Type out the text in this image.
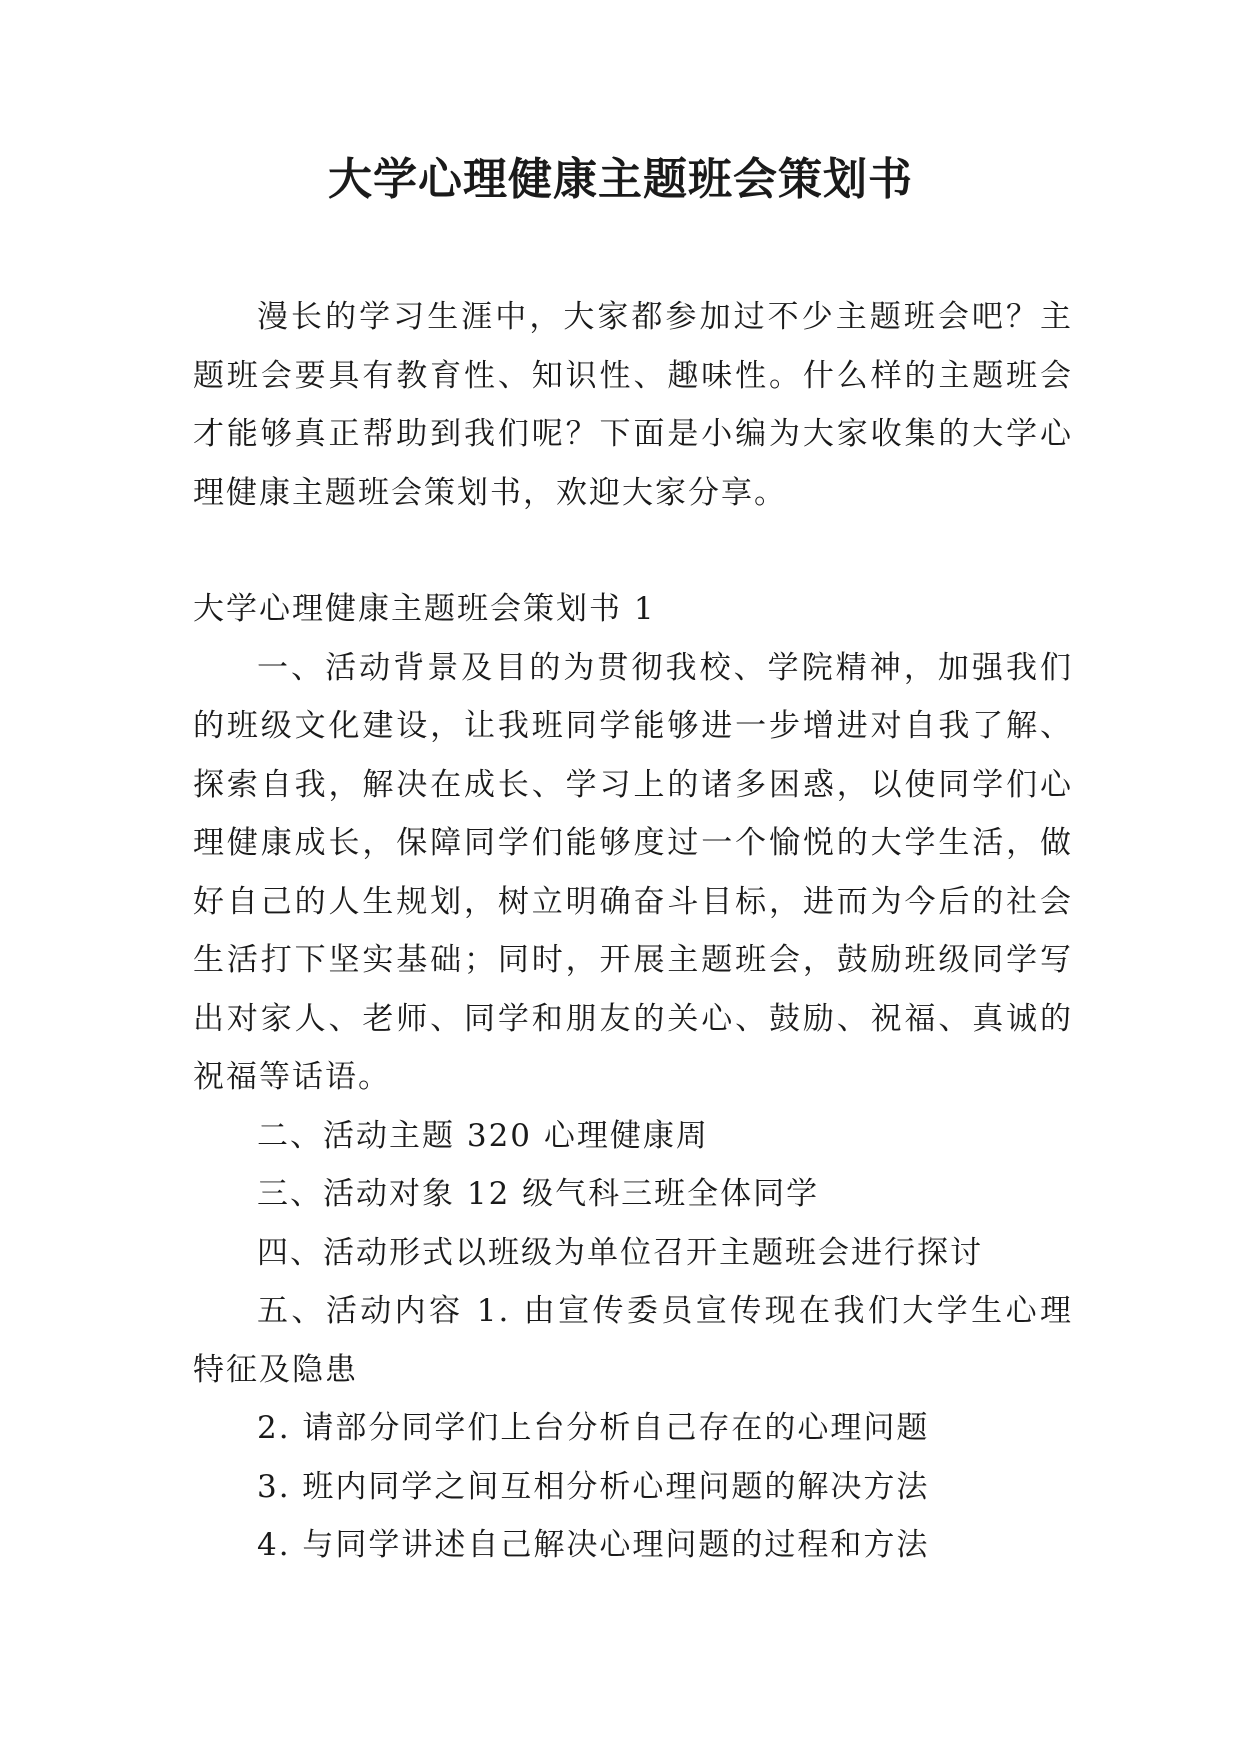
大学心理健康主题班会策划书

漫长的学习生涯中，大家都参加过不少主题班会吧？主题班会要具有教育性、知识性、趣味性。什么样的主题班会才能够真正帮助到我们呢？下面是小编为大家收集的大学心理健康主题班会策划书，欢迎大家分享。

大学心理健康主题班会策划书 1

一、活动背景及目的为贯彻我校、学院精神，加强我们的班级文化建设，让我班同学能够进一步增进对自我了解、探索自我，解决在成长、学习上的诸多困惑，以使同学们心理健康成长，保障同学们能够度过一个愉悦的大学生活，做好自己的人生规划，树立明确奋斗目标，进而为今后的社会生活打下坚实基础；同时，开展主题班会，鼓励班级同学写出对家人、老师、同学和朋友的关心、鼓励、祝福、真诚的祝福等话语。

二、活动主题 320 心理健康周

三、活动对象 12 级气科三班全体同学

四、活动形式以班级为单位召开主题班会进行探讨

五、活动内容 1. 由宣传委员宣传现在我们大学生心理特征及隐患

2. 请部分同学们上台分析自己存在的心理问题

3. 班内同学之间互相分析心理问题的解决方法

4. 与同学讲述自己解决心理问题的过程和方法
